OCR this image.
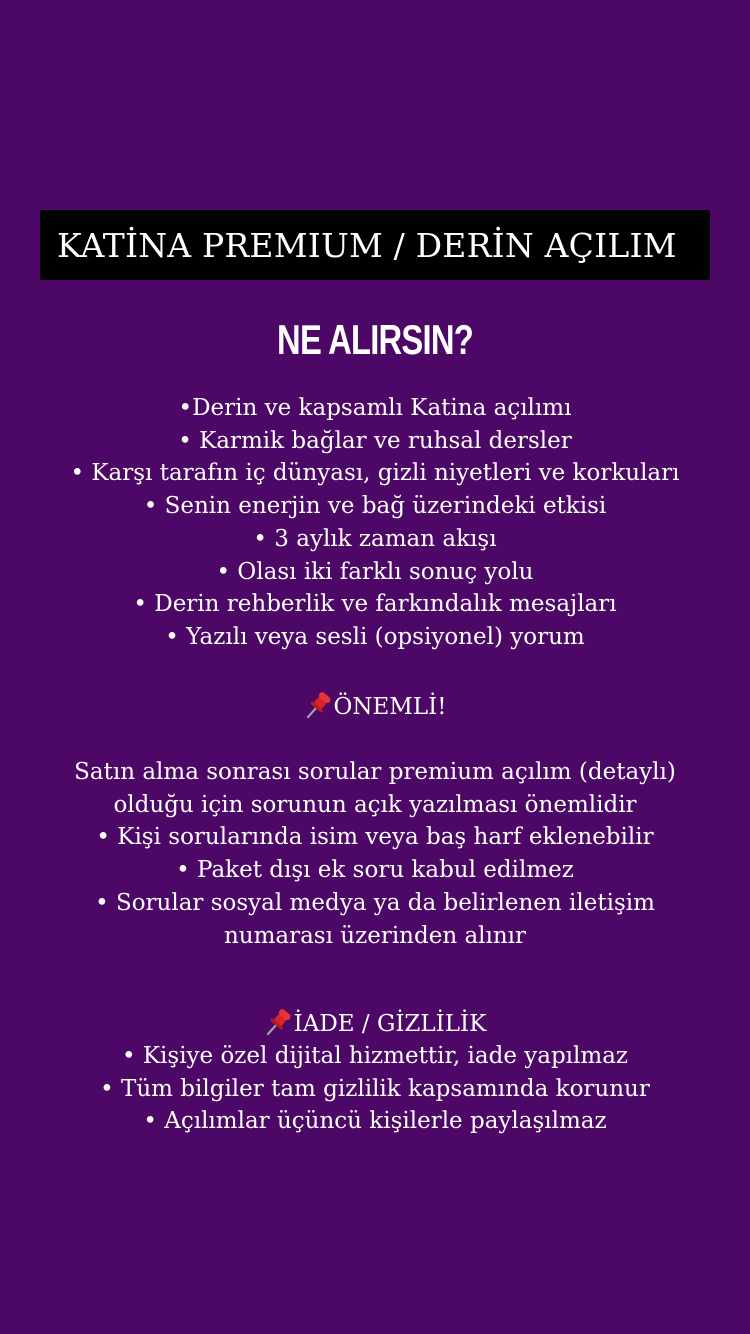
KATİNA PREMIUM / DERİN AÇILIM
NE ALIRSIN?
•Derin ve kapsamlı Katina açılımı
• Karmik bağlar ve ruhsal dersler
• Karşı tarafın iç dünyası, gizli niyetleri ve korkuları
• Senin enerjin ve bağ üzerindeki etkisi
• 3 aylık zaman akışı
• Olası iki farklı sonuç yolu
• Derin rehberlik ve farkındalık mesajları
• Yazılı veya sesli (opsiyonel) yorum
ÖNEMLİ!
Satın alma sonrası sorular premium açılım (detaylı)
olduğu için sorunun açık yazılması önemlidir
• Kişi sorularında isim veya baş harf eklenebilir
• Paket dışı ek soru kabul edilmez
• Sorular sosyal medya ya da belirlenen iletişim
numarası üzerinden alınır
İADE / GİZLİLİK
• Kişiye özel dijital hizmettir, iade yapılmaz
• Tüm bilgiler tam gizlilik kapsamında korunur
• Açılımlar üçüncü kişilerle paylaşılmaz
